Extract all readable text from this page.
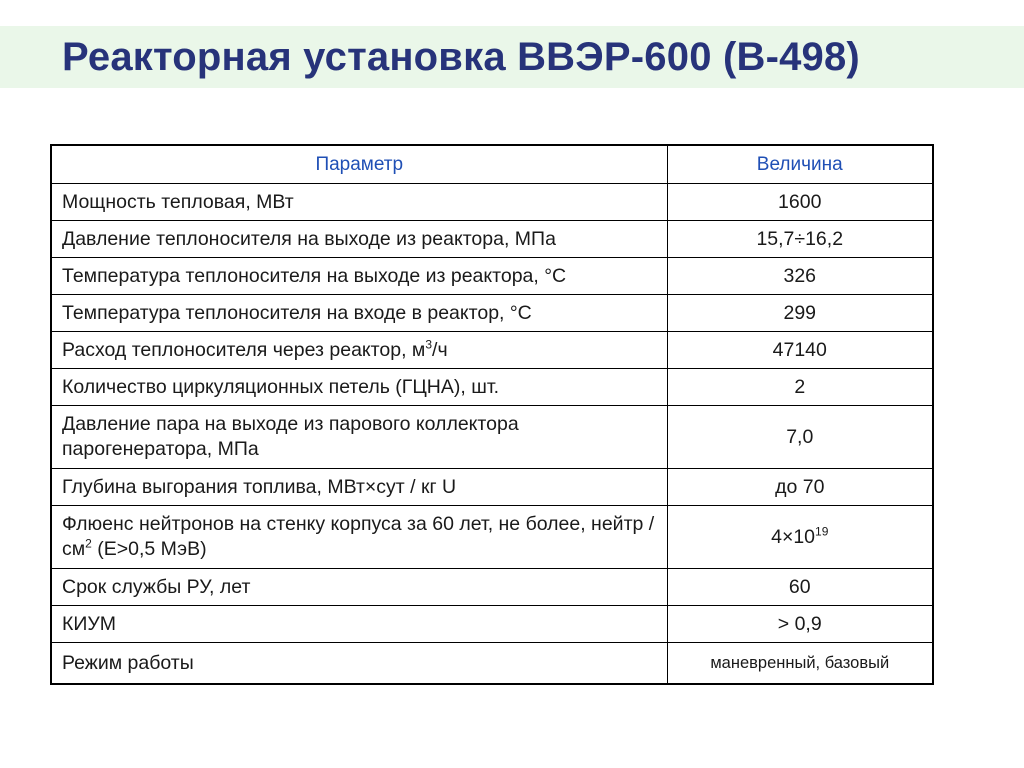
Реакторная установка ВВЭР-600 (В-498)
Параметр	Величина
Мощность тепловая, МВт	1600
Давление теплоносителя на выходе из реактора, МПа	15,7÷16,2
Температура теплоносителя на выходе из реактора, °С	326
Температура теплоносителя на входе в реактор, °С	299
Расход теплоносителя через реактор, $м^3/ч$	47140
Количество циркуляционных петель (ГЦНА), шт.	2
Давление пара на выходе из парового коллектора парогенератора, МПа	7,0
Глубина выгорания топлива, МВт×сут / кг U	до 70
Флюенс нейтронов на стенку корпуса за 60 лет, не более, нейтр / $см^2$ (Е>0,5 МэВ)	$4\times 10^{19}$
Срок службы РУ, лет	60
КИУМ	> 0,9
Режим работы	маневренный, базовый
